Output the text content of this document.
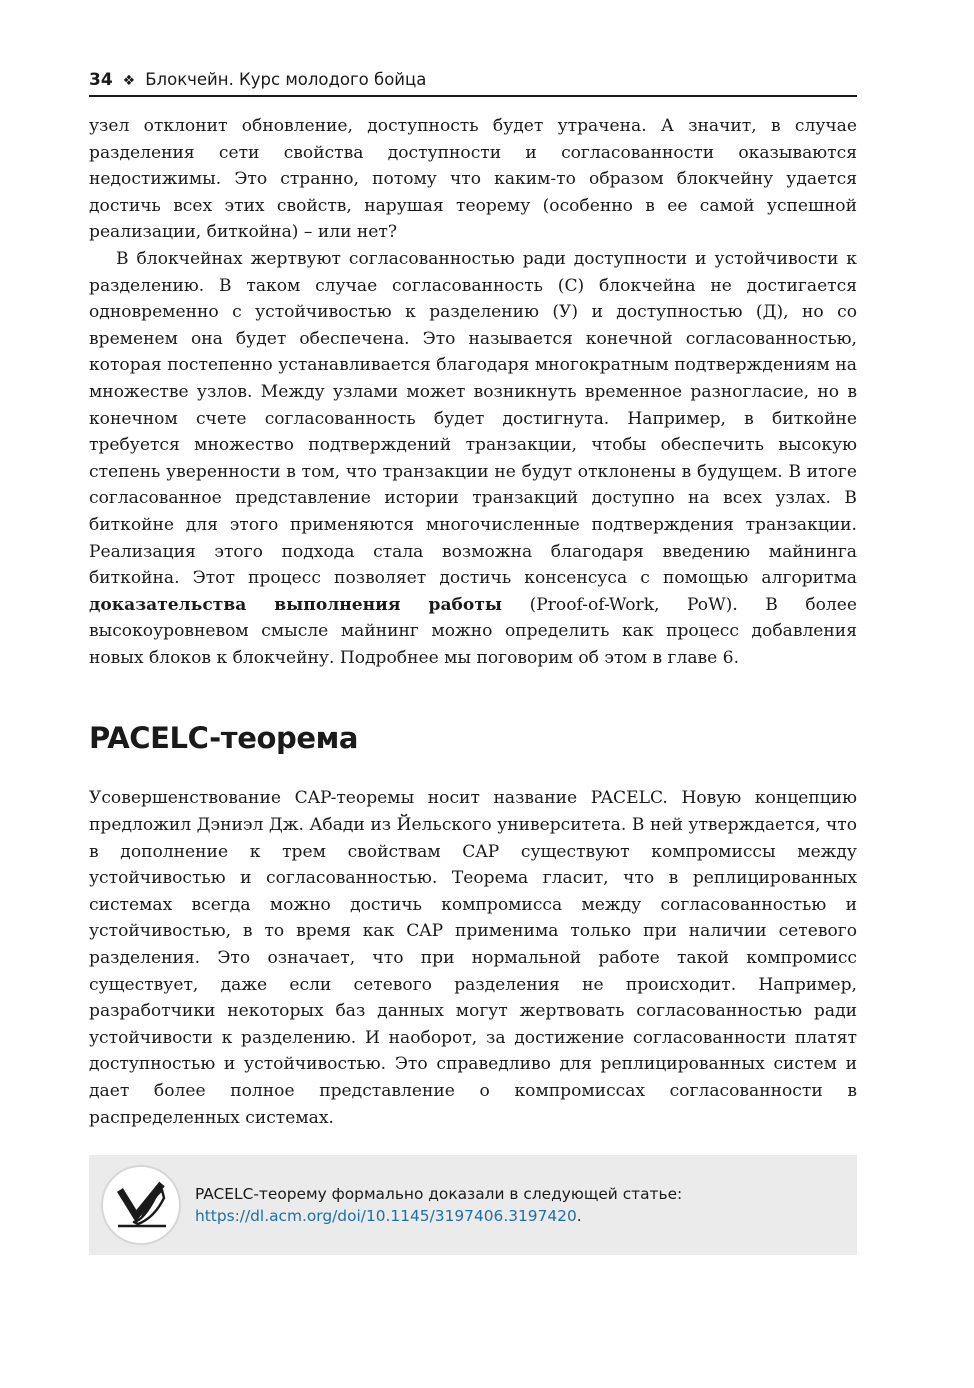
34 ❖ Блокчейн. Курс молодого бойца

узел отклонит обновление, доступность будет утрачена. А значит, в случае разделения сети свойства доступности и согласованности оказываются недостижимы. Это странно, потому что каким-то образом блокчейну удается достичь всех этих свойств, нарушая теорему (особенно в ее самой успешной реализации, биткойна) – или нет?

В блокчейнах жертвуют согласованностью ради доступности и устойчивости к разделению. В таком случае согласованность (C) блокчейна не достигается одновременно с устойчивостью к разделению (У) и доступностью (Д), но со временем она будет обеспечена. Это называется конечной согласованностью, которая постепенно устанавливается благодаря многократным подтверждениям на множестве узлов. Между узлами может возникнуть временное разногласие, но в конечном счете согласованность будет достигнута. Например, в биткойне требуется множество подтверждений транзакции, чтобы обеспечить высокую степень уверенности в том, что транзакции не будут отклонены в будущем. В итоге согласованное представление истории транзакций доступно на всех узлах. В биткойне для этого применяются многочисленные подтверждения транзакции. Реализация этого подхода стала возможна благодаря введению майнинга биткойна. Этот процесс позволяет достичь консенсуса с помощью алгоритма доказательства выполнения работы (Proof-of-Work, PoW). В более высокоуровневом смысле майнинг можно определить как процесс добавления новых блоков к блокчейну. Подробнее мы поговорим об этом в главе 6.

PACELC-теорема

Усовершенствование CAP-теоремы носит название PACELC. Новую концепцию предложил Дэниэл Дж. Абади из Йельского университета. В ней утверждается, что в дополнение к трем свойствам CAP существуют компромиссы между устойчивостью и согласованностью. Теорема гласит, что в реплицированных системах всегда можно достичь компромисса между согласованностью и устойчивостью, в то время как CAP применима только при наличии сетевого разделения. Это означает, что при нормальной работе такой компромисс существует, даже если сетевого разделения не происходит. Например, разработчики некоторых баз данных могут жертвовать согласованностью ради устойчивости к разделению. И наоборот, за достижение согласованности платят доступностью и устойчивостью. Это справедливо для реплицированных систем и дает более полное представление о компромиссах согласованности в распределенных системах.

PACELC-теорему формально доказали в следующей статье: https://dl.acm.org/doi/10.1145/3197406.3197420.
